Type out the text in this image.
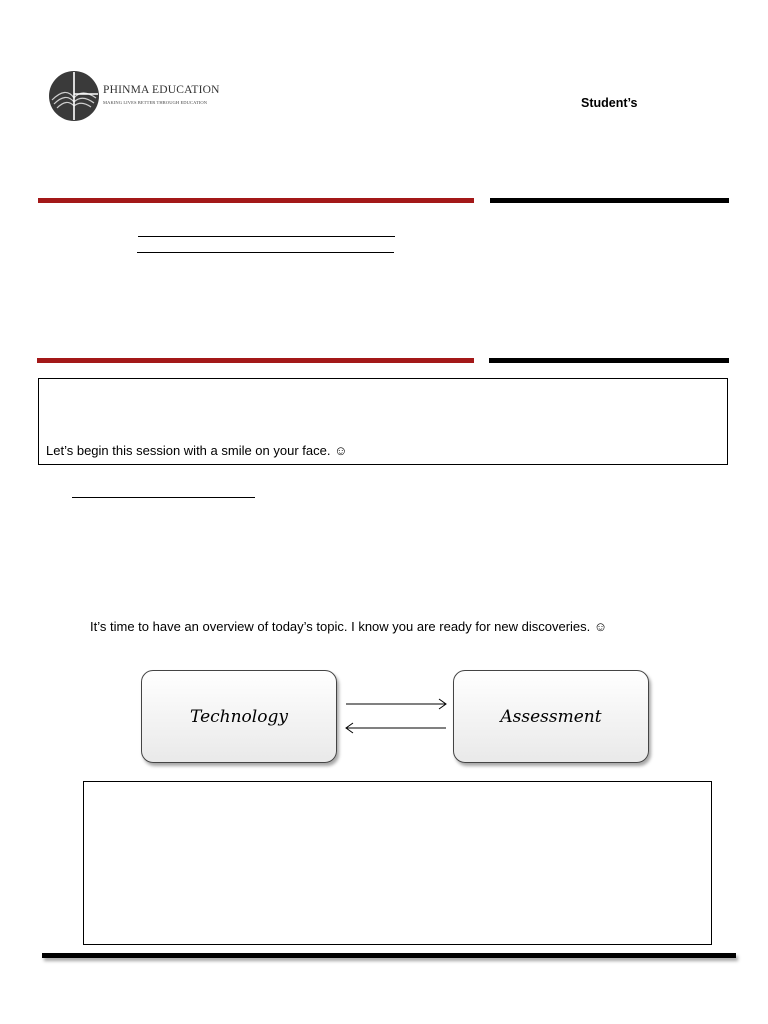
PHINMA EDUCATION
MAKING LIVES BETTER THROUGH EDUCATION	Student’s
Let’s begin this session with a smile on your face. ☺
It’s time to have an overview of today’s topic. I know you are ready for new discoveries. ☺
Technology	Assessment
